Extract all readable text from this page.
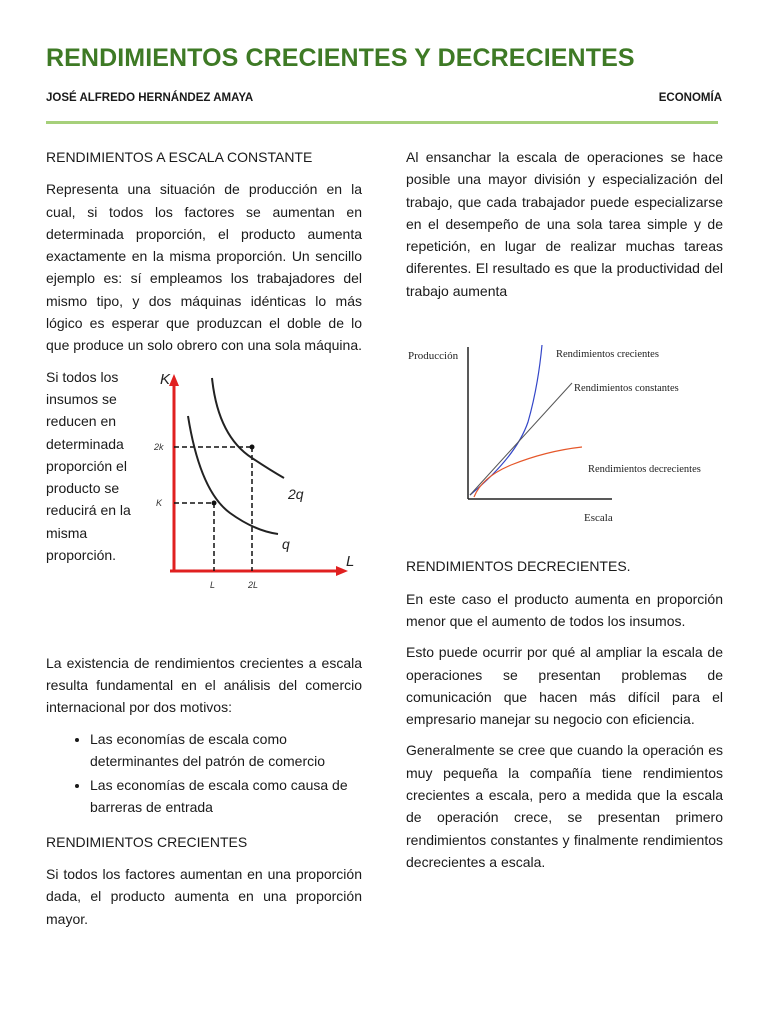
RENDIMIENTOS CRECIENTES Y DECRECIENTES
JOSÉ ALFREDO HERNÁNDEZ AMAYA	ECONOMÍA
RENDIMIENTOS A ESCALA CONSTANTE

Representa una situación de producción en la cual, si todos los factores se aumentan en determinada proporción, el producto aumenta exactamente en la misma proporción. Un sencillo ejemplo es: sí empleamos los trabajadores del mismo tipo, y dos máquinas idénticas lo más lógico es esperar que produzcan el doble de lo que produce un solo obrero con una sola máquina.

Si todos los
insumos se
reducen en
determinada
proporción el
producto se
reducirá en la
misma
proporción.

K
L
2k
K
L	2L
2q
q

La existencia de rendimientos crecientes a escala resulta fundamental en el análisis del comercio internacional por dos motivos:

• Las economías de escala como determinantes del patrón de comercio
• Las economías de escala como causa de barreras de entrada
RENDIMIENTOS CRECIENTES

Si todos los factores aumentan en una proporción dada, el producto aumenta en una proporción mayor.

Al ensanchar la escala de operaciones se hace posible una mayor división y especialización del trabajo, que cada trabajador puede especializarse en el desempeño de una sola tarea simple y de repetición, en lugar de realizar muchas tareas diferentes. El resultado es que la productividad del trabajo aumenta

Producción
Escala
Rendimientos crecientes
Rendimientos constantes
Rendimientos decrecientes
RENDIMIENTOS DECRECIENTES.

En este caso el producto aumenta en proporción menor que el aumento de todos los insumos.

Esto puede ocurrir por qué al ampliar la escala de operaciones se presentan problemas de comunicación que hacen más difícil para el empresario manejar su negocio con eficiencia.

Generalmente se cree que cuando la operación es muy pequeña la compañía tiene rendimientos crecientes a escala, pero a medida que la escala de operación crece, se presentan primero rendimientos constantes y finalmente rendimientos decrecientes a escala.
